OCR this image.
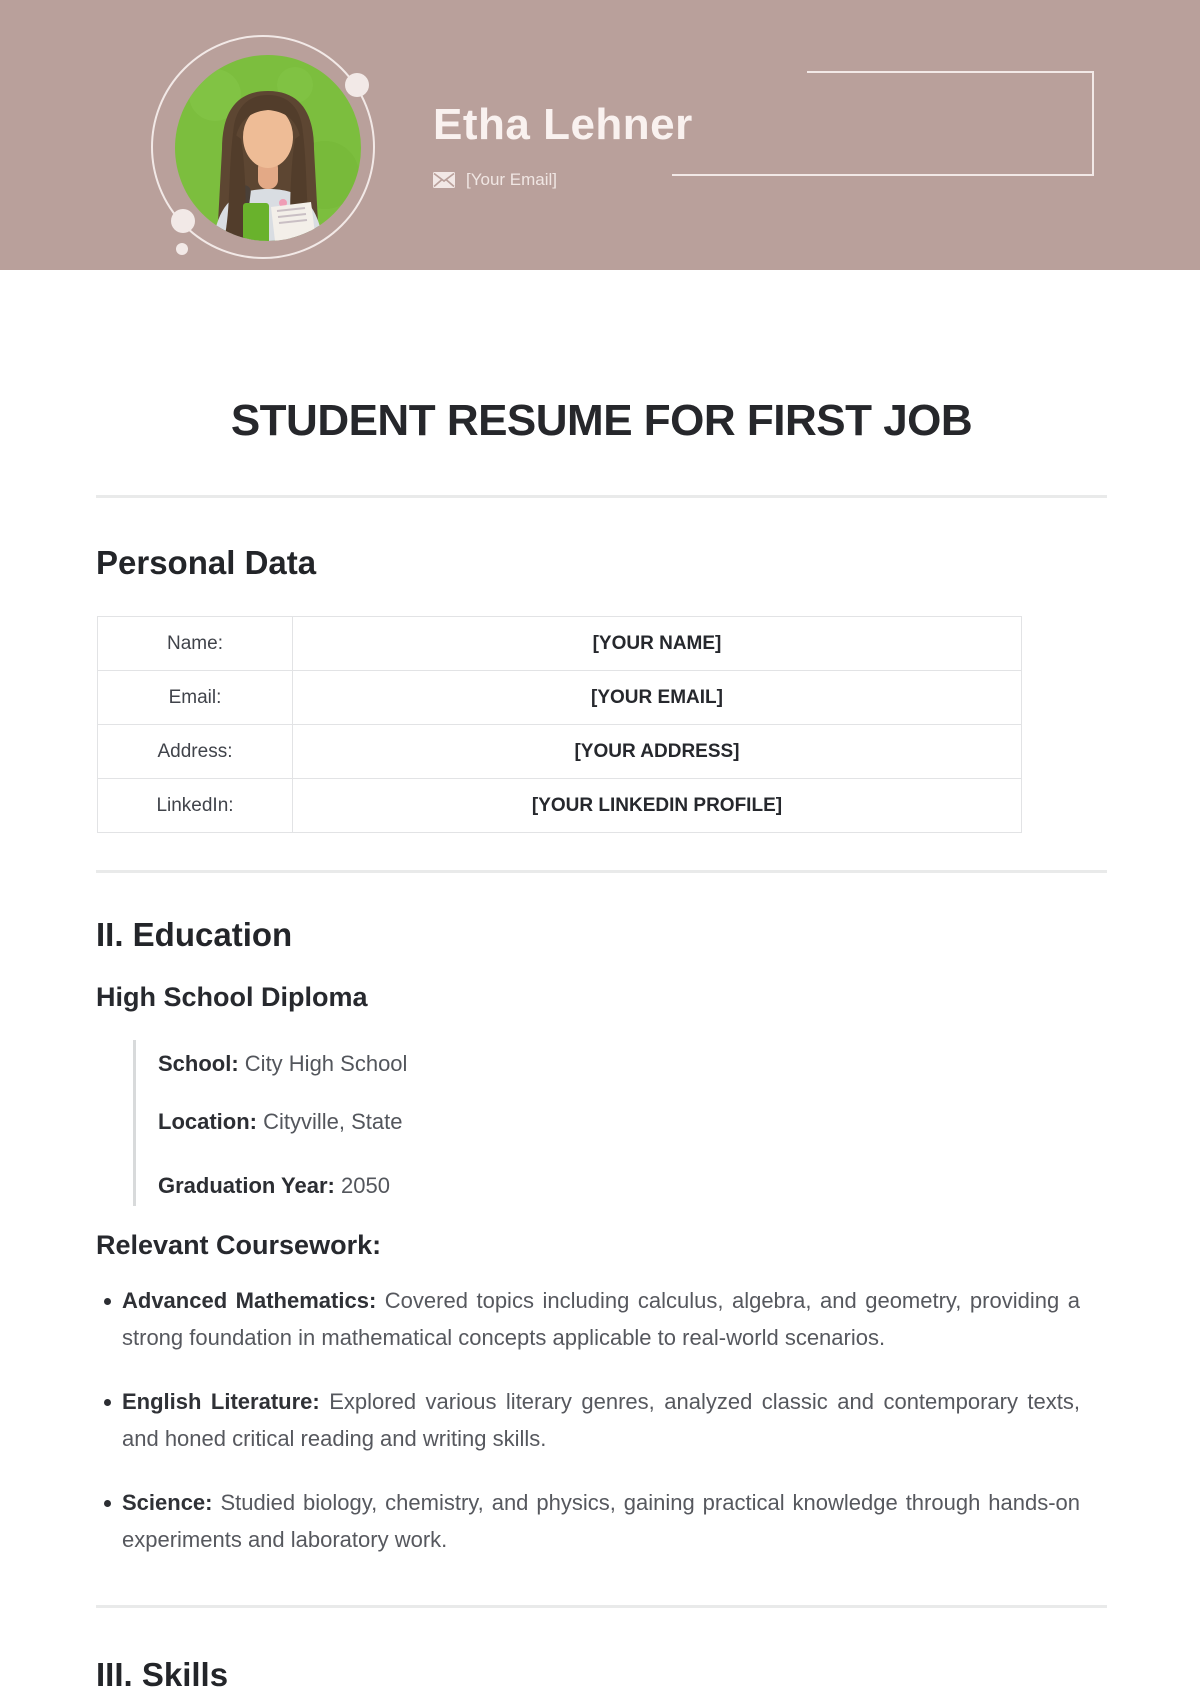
Etha Lehner
[Your Email]
STUDENT RESUME FOR FIRST JOB
Personal Data
Name:	[YOUR NAME]
Email:	[YOUR EMAIL]
Address:	[YOUR ADDRESS]
LinkedIn:	[YOUR LINKEDIN PROFILE]
II. Education
High School Diploma
School: City High School
Location: Cityville, State
Graduation Year: 2050
Relevant Coursework:
Advanced Mathematics: Covered topics including calculus, algebra, and geometry, providing a strong foundation in mathematical concepts applicable to real-world scenarios.
English Literature: Explored various literary genres, analyzed classic and contemporary texts, and honed critical reading and writing skills.
Science: Studied biology, chemistry, and physics, gaining practical knowledge through hands-on experiments and laboratory work.
III. Skills
